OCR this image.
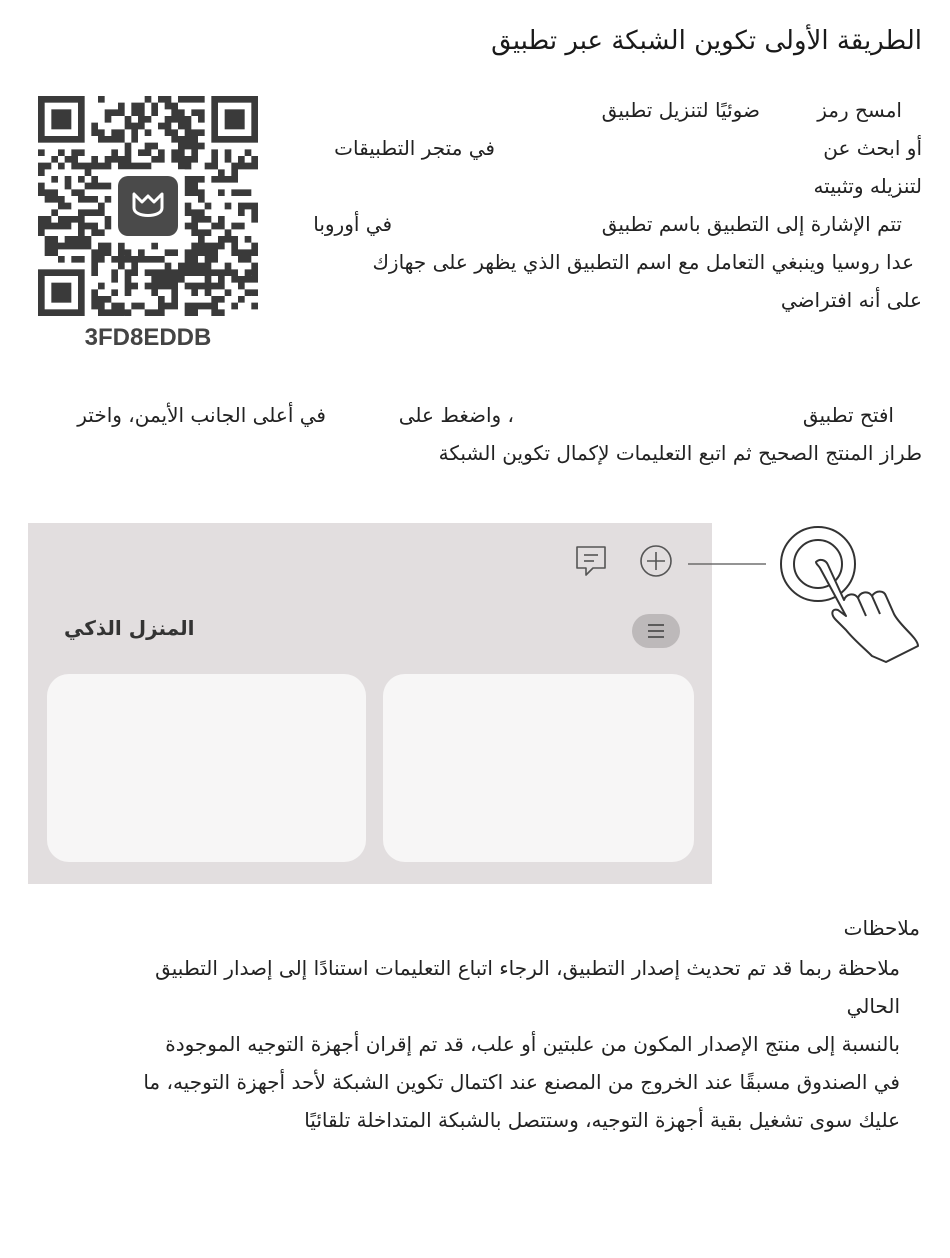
الطريقة الأولى تكوين الشبكة عبر تطبيق
3FD8EDDB
امسح رمز
ضوئيًا لتنزيل تطبيق
أو ابحث عن
في متجر التطبيقات
لتنزيله وتثبيته
تتم الإشارة إلى التطبيق باسم تطبيق
في أوروبا
عدا روسيا وينبغي التعامل مع اسم التطبيق الذي يظهر على جهازك
على أنه افتراضي
افتح تطبيق
، واضغط على
في أعلى الجانب الأيمن، واختر
طراز المنتج الصحيح ثم اتبع التعليمات لإكمال تكوين الشبكة
المنزل الذكي
ملاحظات
ملاحظة ربما قد تم تحديث إصدار التطبيق، الرجاء اتباع التعليمات استنادًا إلى إصدار التطبيق
الحالي
بالنسبة إلى منتج الإصدار المكون من علبتين أو علب، قد تم إقران أجهزة التوجيه الموجودة
في الصندوق مسبقًا عند الخروج من المصنع عند اكتمال تكوين الشبكة لأحد أجهزة التوجيه، ما
عليك سوى تشغيل بقية أجهزة التوجيه، وستتصل بالشبكة المتداخلة تلقائيًا
